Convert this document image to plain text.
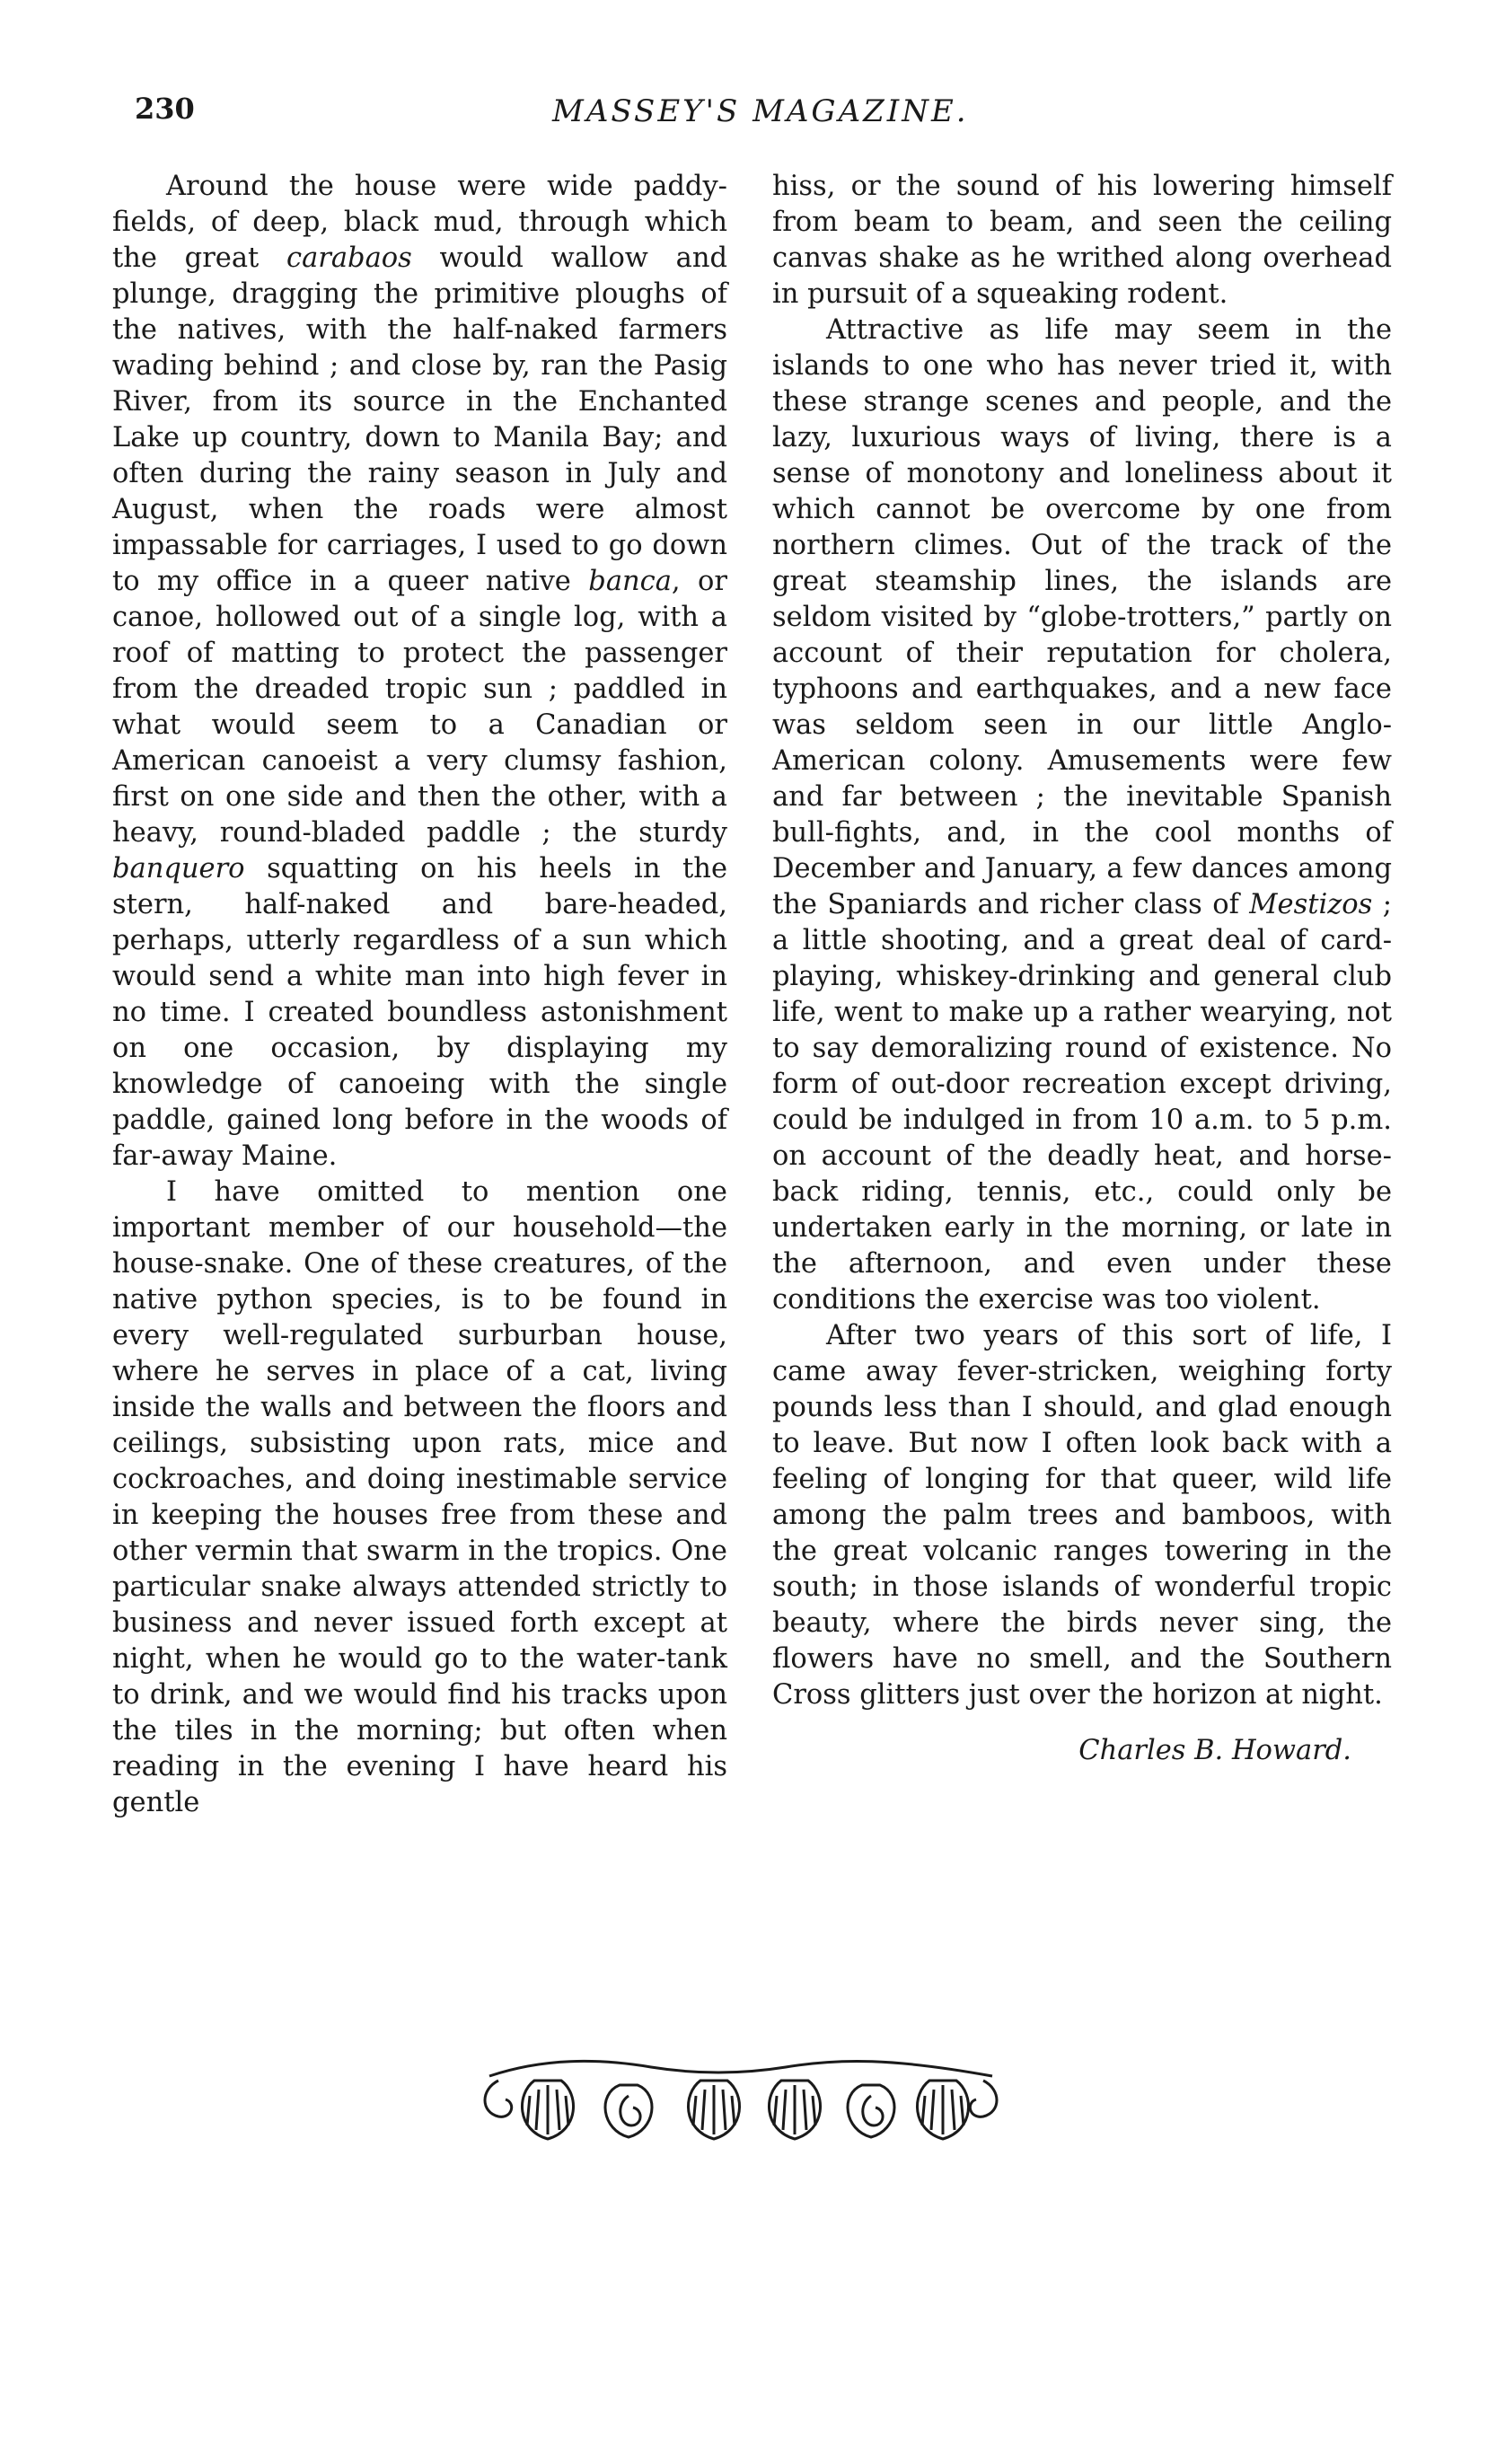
230	MASSEY'S MAGAZINE.

Around the house were wide paddy-fields, of deep, black mud, through which the great carabaos would wallow and plunge, dragging the primitive ploughs of the natives, with the half-naked farmers wading behind ; and close by, ran the Pasig River, from its source in the Enchanted Lake up country, down to Manila Bay; and often during the rainy season in July and August, when the roads were almost impassable for carriages, I used to go down to my office in a queer native banca, or canoe, hollowed out of a single log, with a roof of matting to protect the passenger from the dreaded tropic sun ; paddled in what would seem to a Canadian or American canoeist a very clumsy fashion, first on one side and then the other, with a heavy, round-bladed paddle ; the sturdy banquero squatting on his heels in the stern, half-naked and bare-headed, perhaps, utterly regardless of a sun which would send a white man into high fever in no time. I created boundless astonishment on one occasion, by displaying my knowledge of canoeing with the single paddle, gained long before in the woods of far-away Maine.

I have omitted to mention one important member of our household—the house-snake. One of these creatures, of the native python species, is to be found in every well-regulated surburban house, where he serves in place of a cat, living inside the walls and between the floors and ceilings, subsisting upon rats, mice and cockroaches, and doing inestimable service in keeping the houses free from these and other vermin that swarm in the tropics. One particular snake always attended strictly to business and never issued forth except at night, when he would go to the water-tank to drink, and we would find his tracks upon the tiles in the morning; but often when reading in the evening I have heard his gentle

hiss, or the sound of his lowering himself from beam to beam, and seen the ceiling canvas shake as he writhed along overhead in pursuit of a squeaking rodent.

Attractive as life may seem in the islands to one who has never tried it, with these strange scenes and people, and the lazy, luxurious ways of living, there is a sense of monotony and loneliness about it which cannot be overcome by one from northern climes. Out of the track of the great steamship lines, the islands are seldom visited by “globe-trotters,” partly on account of their reputation for cholera, typhoons and earthquakes, and a new face was seldom seen in our little Anglo-American colony. Amusements were few and far between ; the inevitable Spanish bull-fights, and, in the cool months of December and January, a few dances among the Spaniards and richer class of Mestizos ; a little shooting, and a great deal of card-playing, whiskey-drinking and general club life, went to make up a rather wearying, not to say demoralizing round of existence. No form of out-door recreation except driving, could be indulged in from 10 a.m. to 5 p.m. on account of the deadly heat, and horse-back riding, tennis, etc., could only be undertaken early in the morning, or late in the afternoon, and even under these conditions the exercise was too violent.

After two years of this sort of life, I came away fever-stricken, weighing forty pounds less than I should, and glad enough to leave. But now I often look back with a feeling of longing for that queer, wild life among the palm trees and bamboos, with the great volcanic ranges towering in the south; in those islands of wonderful tropic beauty, where the birds never sing, the flowers have no smell, and the Southern Cross glitters just over the horizon at night.

Charles B. Howard.
